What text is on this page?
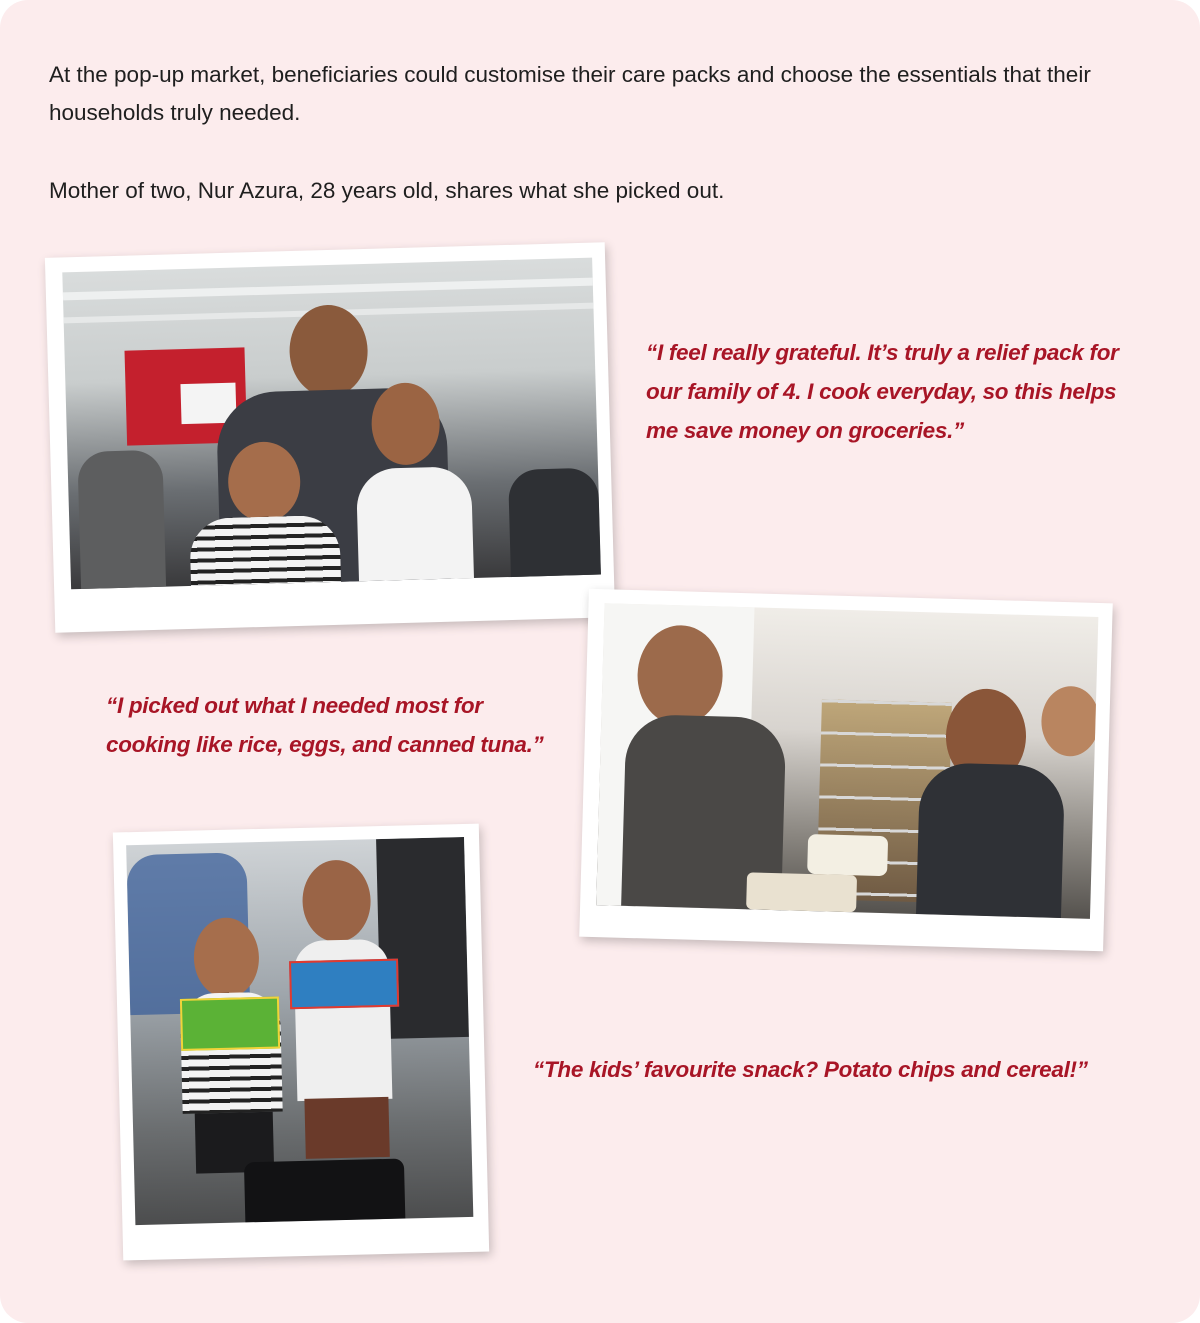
At the pop-up market, beneficiaries could customise their care packs and choose the essentials that their households truly needed.

Mother of two, Nur Azura, 28 years old, shares what she picked out.

“I feel really grateful. It’s truly a relief pack for our family of 4. I cook everyday, so this helps me save money on groceries.”

“I picked out what I needed most for cooking like rice, eggs, and canned tuna.”

“The kids’ favourite snack? Potato chips and cereal!”
